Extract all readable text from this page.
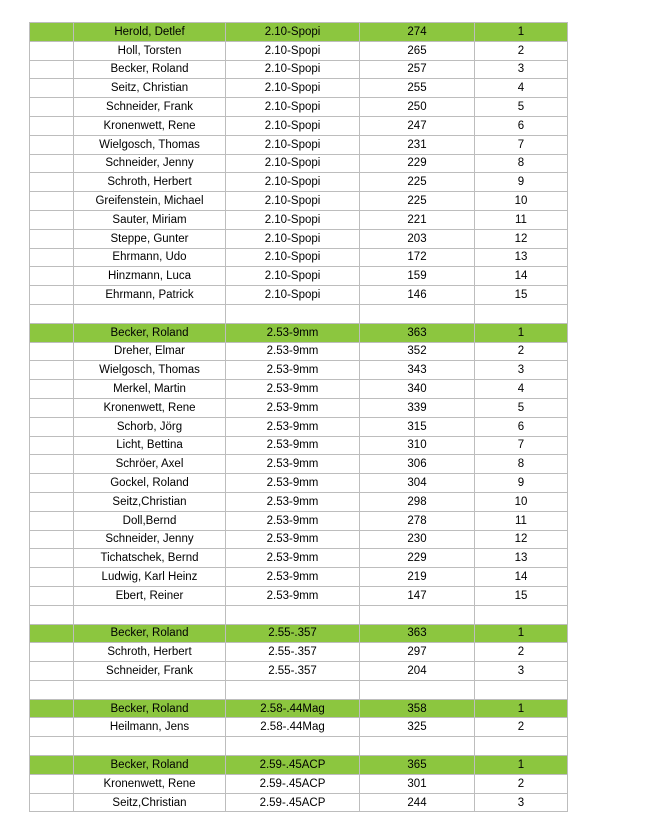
	Herold, Detlef	2.10-Spopi	274	1
	Holl, Torsten	2.10-Spopi	265	2
	Becker, Roland	2.10-Spopi	257	3
	Seitz, Christian	2.10-Spopi	255	4
	Schneider, Frank	2.10-Spopi	250	5
	Kronenwett, Rene	2.10-Spopi	247	6
	Wielgosch, Thomas	2.10-Spopi	231	7
	Schneider, Jenny	2.10-Spopi	229	8
	Schroth, Herbert	2.10-Spopi	225	9
	Greifenstein, Michael	2.10-Spopi	225	10
	Sauter, Miriam	2.10-Spopi	221	11
	Steppe, Gunter	2.10-Spopi	203	12
	Ehrmann, Udo	2.10-Spopi	172	13
	Hinzmann, Luca	2.10-Spopi	159	14
	Ehrmann, Patrick	2.10-Spopi	146	15

	Becker, Roland	2.53-9mm	363	1
	Dreher, Elmar	2.53-9mm	352	2
	Wielgosch, Thomas	2.53-9mm	343	3
	Merkel, Martin	2.53-9mm	340	4
	Kronenwett, Rene	2.53-9mm	339	5
	Schorb, Jörg	2.53-9mm	315	6
	Licht, Bettina	2.53-9mm	310	7
	Schröer, Axel	2.53-9mm	306	8
	Gockel, Roland	2.53-9mm	304	9
	Seitz,Christian	2.53-9mm	298	10
	Doll,Bernd	2.53-9mm	278	11
	Schneider, Jenny	2.53-9mm	230	12
	Tichatschek, Bernd	2.53-9mm	229	13
	Ludwig, Karl Heinz	2.53-9mm	219	14
	Ebert, Reiner	2.53-9mm	147	15

	Becker, Roland	2.55-.357	363	1
	Schroth, Herbert	2.55-.357	297	2
	Schneider, Frank	2.55-.357	204	3

	Becker, Roland	2.58-.44Mag	358	1
	Heilmann, Jens	2.58-.44Mag	325	2

	Becker, Roland	2.59-.45ACP	365	1
	Kronenwett, Rene	2.59-.45ACP	301	2
	Seitz,Christian	2.59-.45ACP	244	3
